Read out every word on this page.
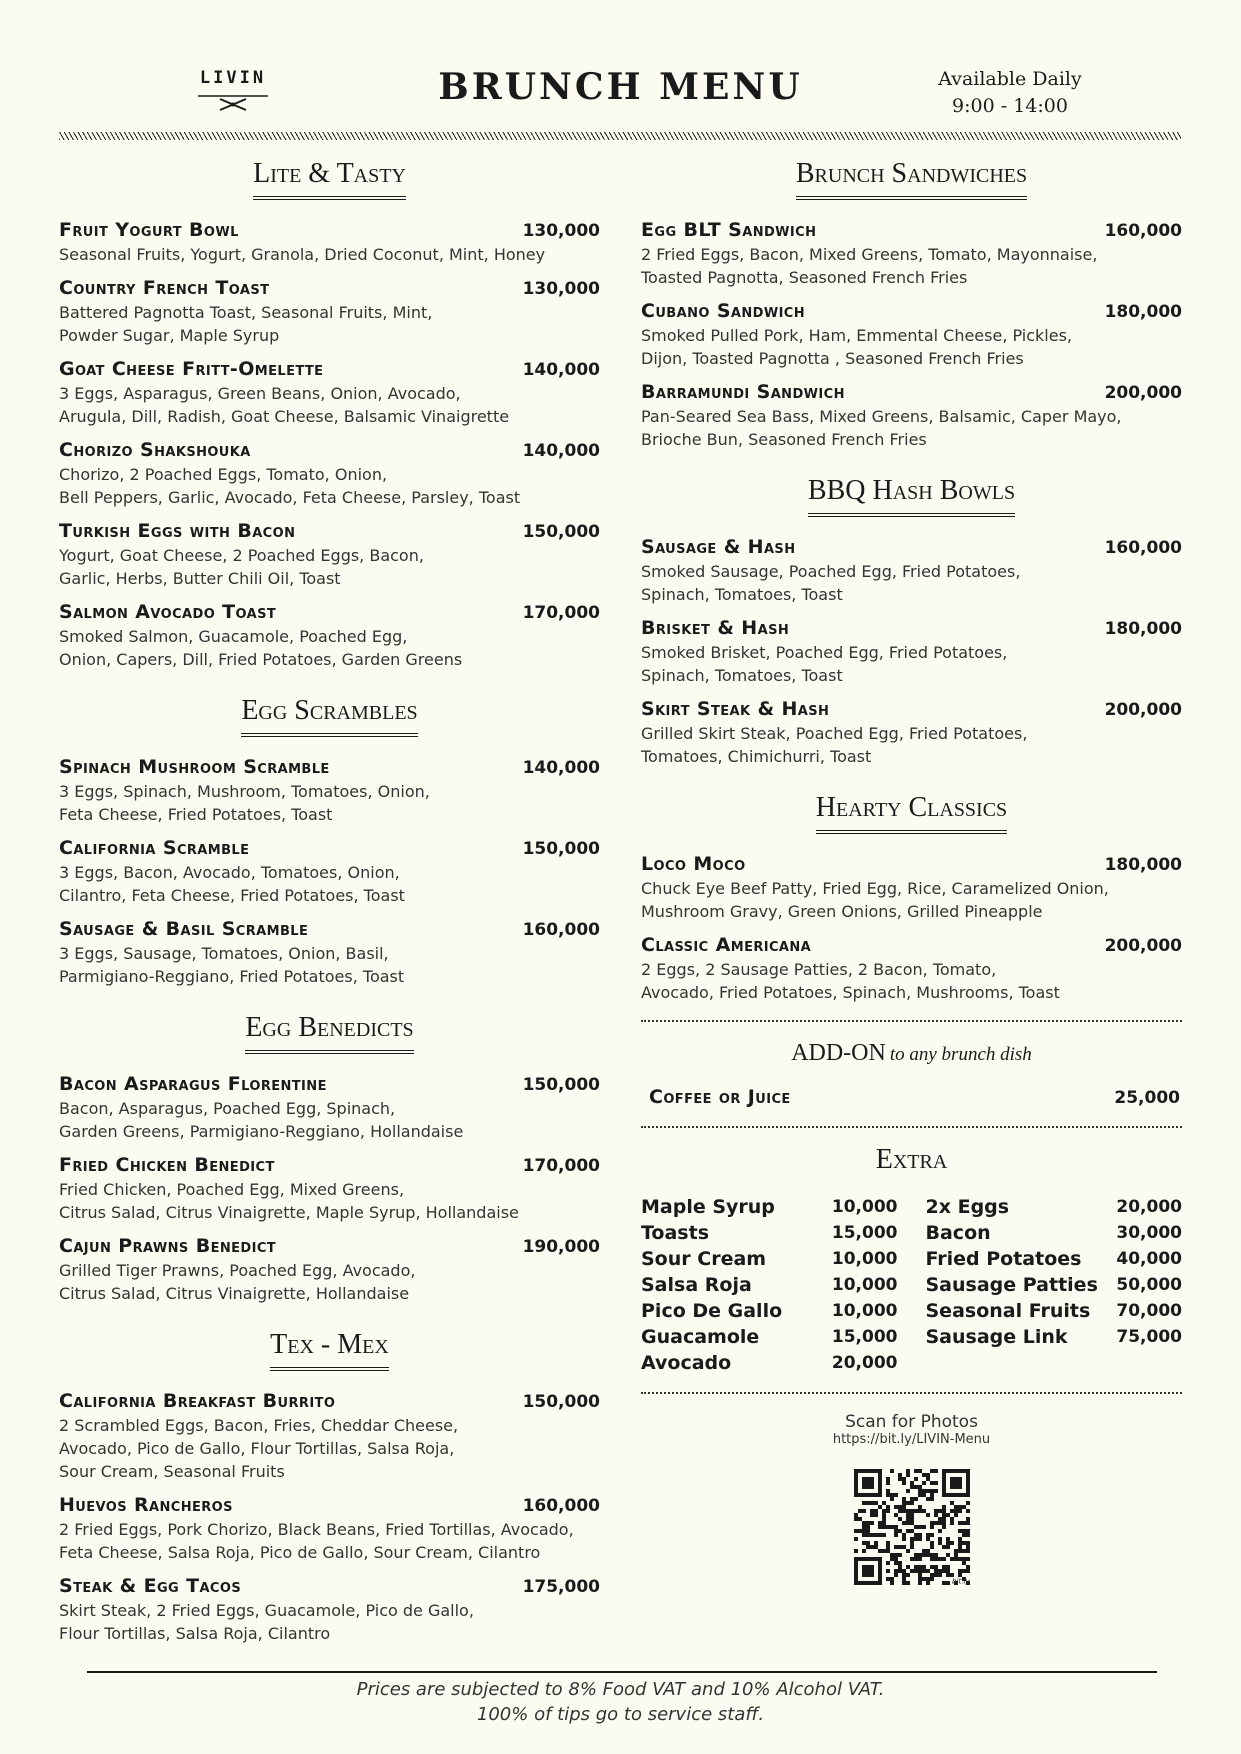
LIVIN	BRUNCH MENU	Available Daily
9:00 - 14:00
Lite & Tasty
Fruit Yogurt Bowl	130,000
Seasonal Fruits, Yogurt, Granola, Dried Coconut, Mint, Honey
Country French Toast	130,000
Battered Pagnotta Toast, Seasonal Fruits, Mint,
Powder Sugar, Maple Syrup
Goat Cheese Fritt-Omelette	140,000
3 Eggs, Asparagus, Green Beans, Onion, Avocado,
Arugula, Dill, Radish, Goat Cheese, Balsamic Vinaigrette
Chorizo Shakshouka	140,000
Chorizo, 2 Poached Eggs, Tomato, Onion,
Bell Peppers, Garlic, Avocado, Feta Cheese, Parsley, Toast
Turkish Eggs with Bacon	150,000
Yogurt, Goat Cheese, 2 Poached Eggs, Bacon,
Garlic, Herbs, Butter Chili Oil, Toast
Salmon Avocado Toast	170,000
Smoked Salmon, Guacamole, Poached Egg,
Onion, Capers, Dill, Fried Potatoes, Garden Greens
Egg Scrambles
Spinach Mushroom Scramble	140,000
3 Eggs, Spinach, Mushroom, Tomatoes, Onion,
Feta Cheese, Fried Potatoes, Toast
California Scramble	150,000
3 Eggs, Bacon, Avocado, Tomatoes, Onion,
Cilantro, Feta Cheese, Fried Potatoes, Toast
Sausage & Basil Scramble	160,000
3 Eggs, Sausage, Tomatoes, Onion, Basil,
Parmigiano-Reggiano, Fried Potatoes, Toast
Egg Benedicts
Bacon Asparagus Florentine	150,000
Bacon, Asparagus, Poached Egg, Spinach,
Garden Greens, Parmigiano-Reggiano, Hollandaise
Fried Chicken Benedict	170,000
Fried Chicken, Poached Egg, Mixed Greens,
Citrus Salad, Citrus Vinaigrette, Maple Syrup, Hollandaise
Cajun Prawns Benedict	190,000
Grilled Tiger Prawns, Poached Egg, Avocado,
Citrus Salad, Citrus Vinaigrette, Hollandaise
Tex - Mex
California Breakfast Burrito	150,000
2 Scrambled Eggs, Bacon, Fries, Cheddar Cheese,
Avocado, Pico de Gallo, Flour Tortillas, Salsa Roja,
Sour Cream, Seasonal Fruits
Huevos Rancheros	160,000
2 Fried Eggs, Pork Chorizo, Black Beans, Fried Tortillas, Avocado,
Feta Cheese, Salsa Roja, Pico de Gallo, Sour Cream, Cilantro
Steak & Egg Tacos	175,000
Skirt Steak, 2 Fried Eggs, Guacamole, Pico de Gallo,
Flour Tortillas, Salsa Roja, Cilantro
Brunch Sandwiches
Egg BLT Sandwich	160,000
2 Fried Eggs, Bacon, Mixed Greens, Tomato, Mayonnaise,
Toasted Pagnotta, Seasoned French Fries
Cubano Sandwich	180,000
Smoked Pulled Pork, Ham, Emmental Cheese, Pickles,
Dijon, Toasted Pagnotta , Seasoned French Fries
Barramundi Sandwich	200,000
Pan-Seared Sea Bass, Mixed Greens, Balsamic, Caper Mayo,
Brioche Bun, Seasoned French Fries
BBQ Hash Bowls
Sausage & Hash	160,000
Smoked Sausage, Poached Egg, Fried Potatoes,
Spinach, Tomatoes, Toast
Brisket & Hash	180,000
Smoked Brisket, Poached Egg, Fried Potatoes,
Spinach, Tomatoes, Toast
Skirt Steak & Hash	200,000
Grilled Skirt Steak, Poached Egg, Fried Potatoes,
Tomatoes, Chimichurri, Toast
Hearty Classics
Loco Moco	180,000
Chuck Eye Beef Patty, Fried Egg, Rice, Caramelized Onion,
Mushroom Gravy, Green Onions, Grilled Pineapple
Classic Americana	200,000
2 Eggs, 2 Sausage Patties, 2 Bacon, Tomato,
Avocado, Fried Potatoes, Spinach, Mushrooms, Toast
ADD-ON to any brunch dish
Coffee or Juice	25,000
Extra
Maple Syrup	10,000
Toasts	15,000
Sour Cream	10,000
Salsa Roja	10,000
Pico De Gallo	10,000
Guacamole	15,000
Avocado	20,000
2x Eggs	20,000
Bacon	30,000
Fried Potatoes 40,000
Sausage Patties 50,000
Seasonal Fruits 70,000
Sausage Link	75,000
Scan for Photos
https://bit.ly/LIVIN-Menu
bit.ly
Prices are subjected to 8% Food VAT and 10% Alcohol VAT.
100% of tips go to service staff.
